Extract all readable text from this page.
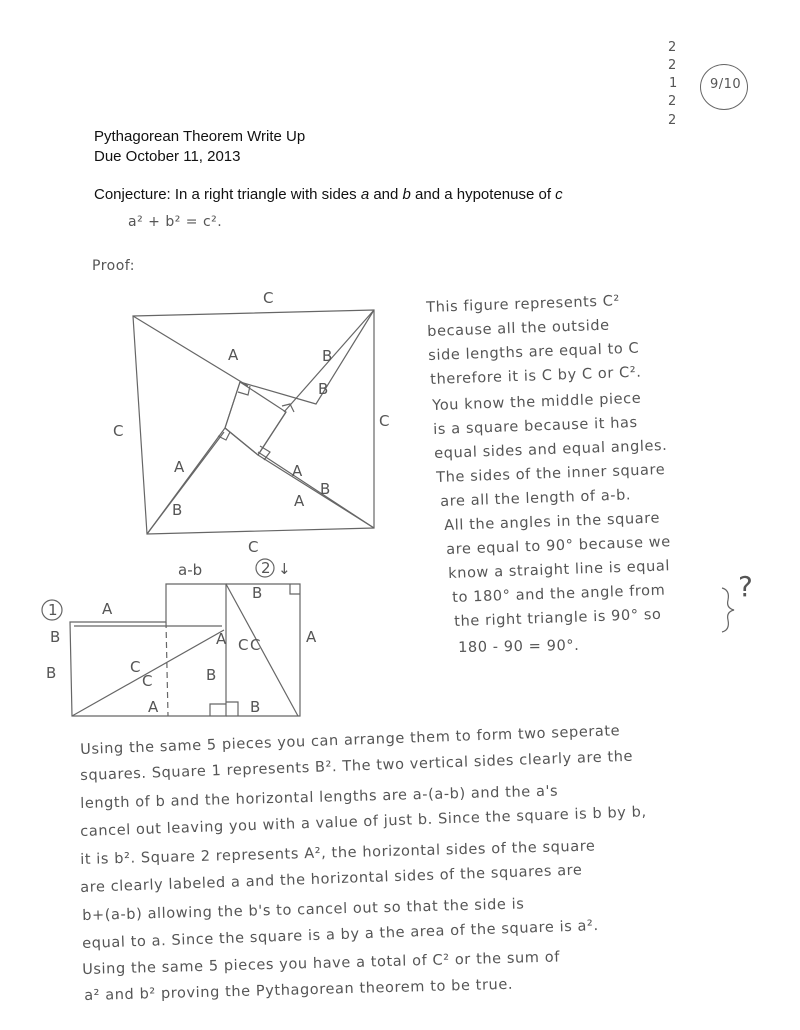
Pythagorean Theorem Write Up
Due October 11, 2013
Conjecture: In a right triangle with sides a and b and a hypotenuse of c
a² + b² = c².
Proof:
2
2
1
2
2
9/10
C
C
C
C
A	B
A
B
A
B
A
B
1
2 ↓
a-b
A
B
B	C
C
A
B
B
A C C	A
B
?
This figure represents C²
because all the outside
side lengths are equal to C
therefore it is C by C or C².
You know the middle piece
is a square because it has
equal sides and equal angles.
The sides of the inner square
are all the length of a-b.
All the angles in the square
are equal to 90° because we
know a straight line is equal
to 180° and the angle from
the right triangle is 90° so
180 - 90 = 90°.
Using the same 5 pieces you can arrange them to form two seperate
squares. Square 1 represents B². The two vertical sides clearly are the
length of b and the horizontal lengths are a-(a-b) and the a's
cancel out leaving you with a value of just b. Since the square is b by b,
it is b². Square 2 represents A², the horizontal sides of the square
are clearly labeled a and the horizontal sides of the squares are
b+(a-b) allowing the b's to cancel out so that the side is
equal to a. Since the square is a by a the area of the square is a².
Using the same 5 pieces you have a total of C² or the sum of
a² and b² proving the Pythagorean theorem to be true.
